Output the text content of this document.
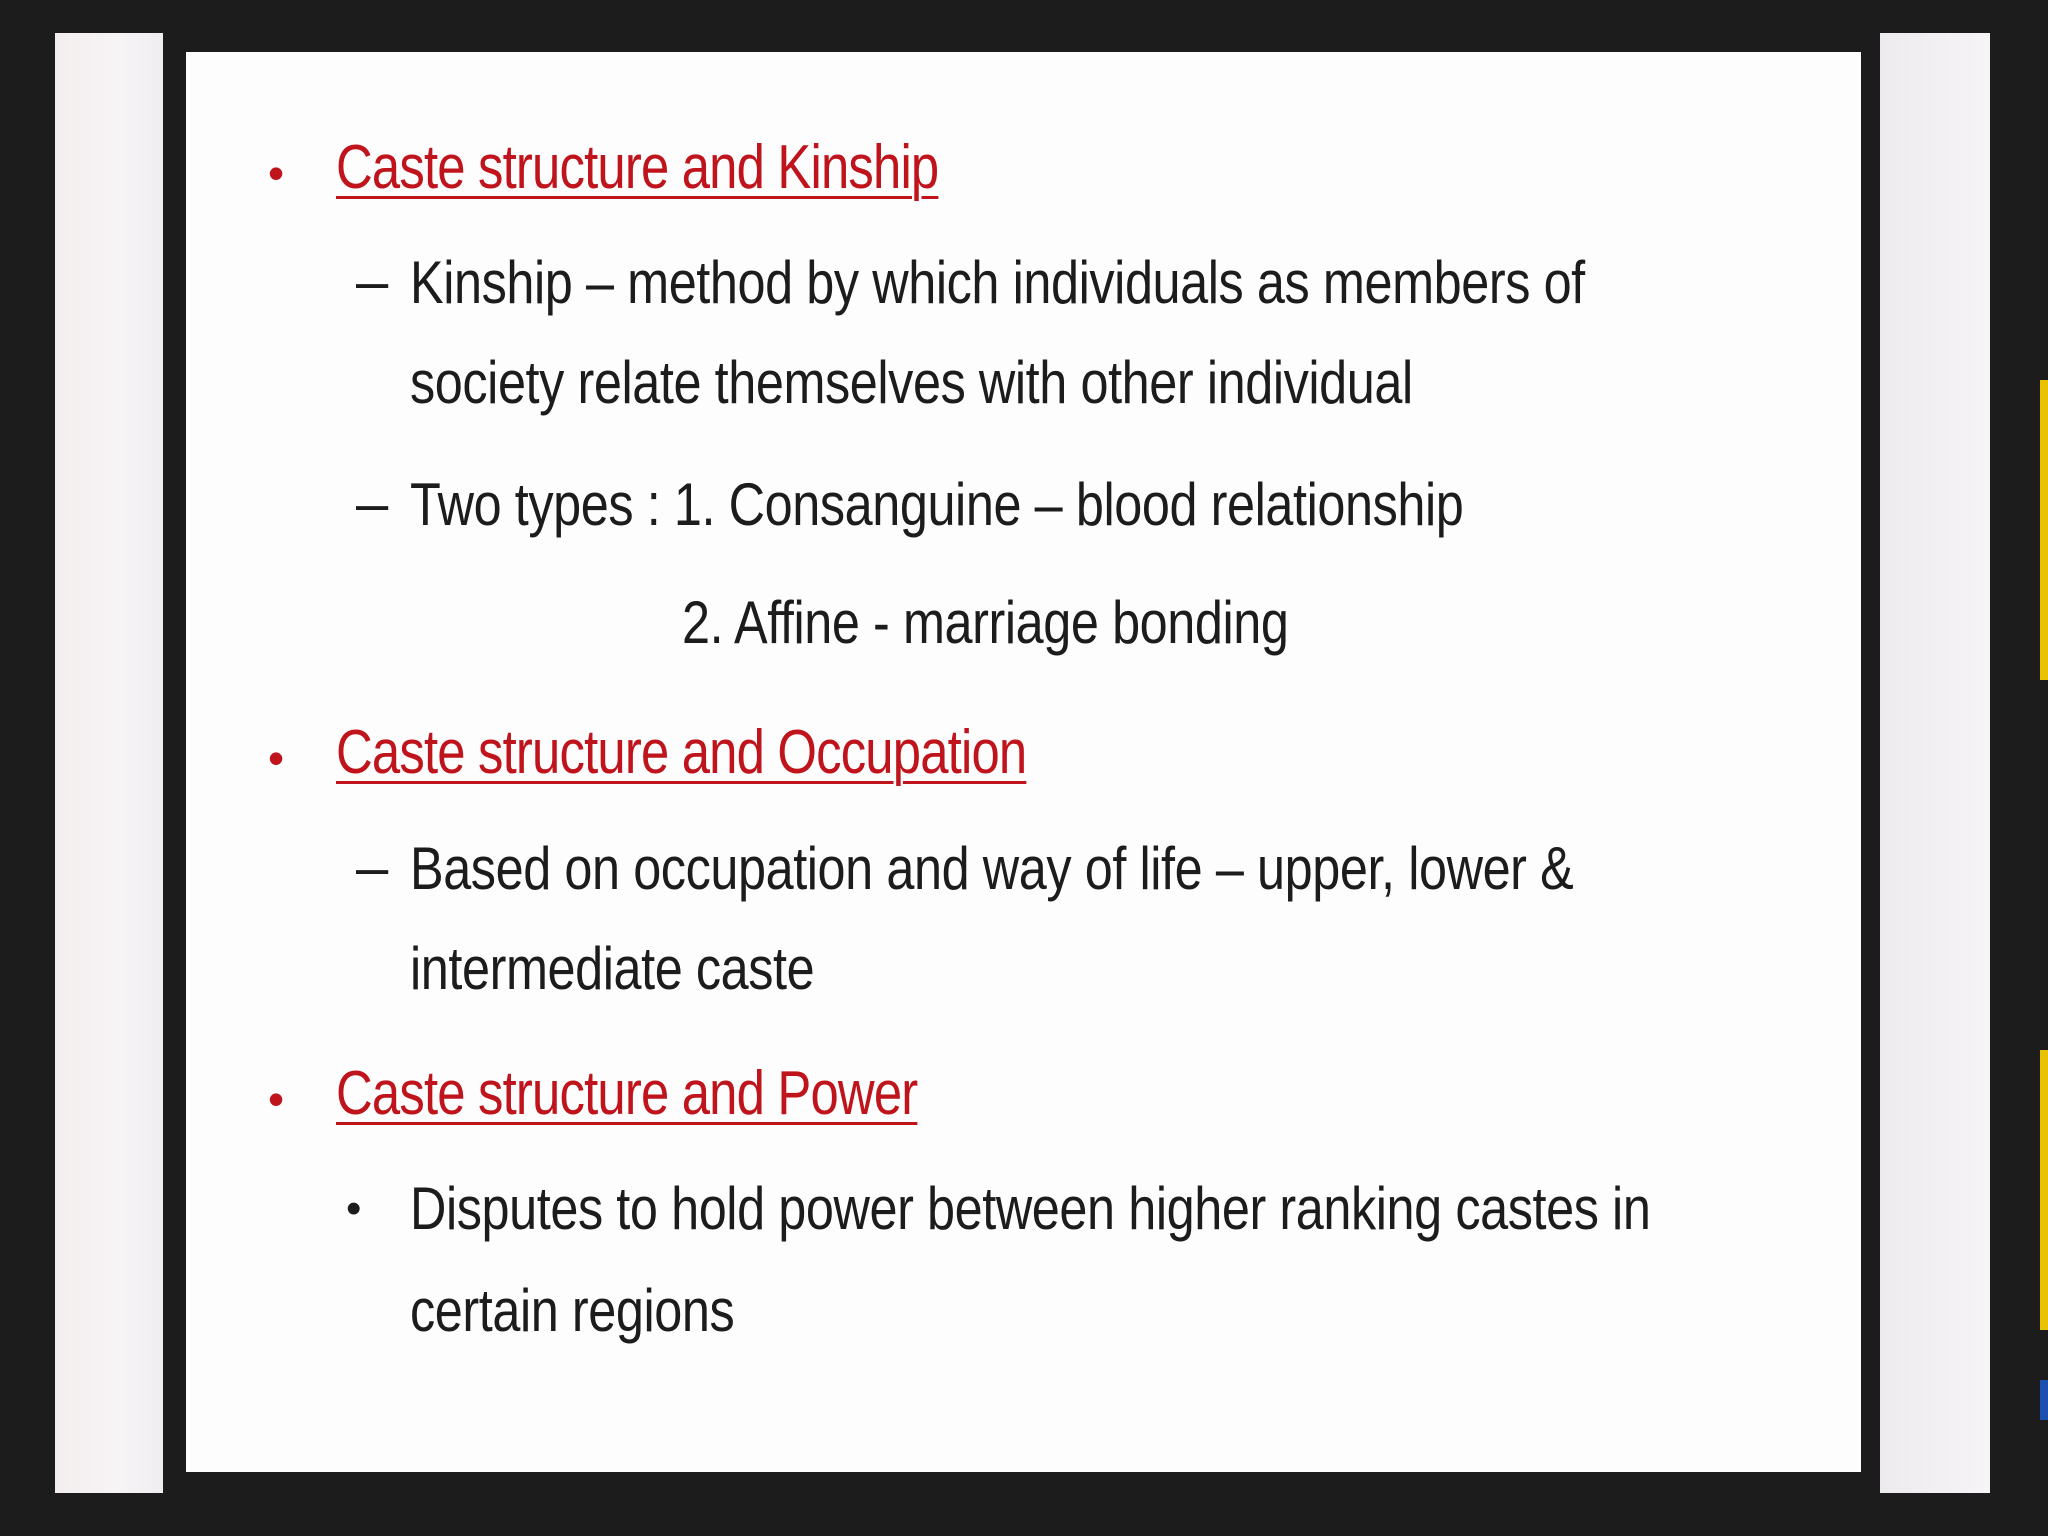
• Caste structure and Kinship
– Kinship – method by which individuals as members of
society relate themselves with other individual
– Two types : 1. Consanguine – blood relationship
2. Affine - marriage bonding
• Caste structure and Occupation
– Based on occupation and way of life – upper, lower &
intermediate caste
• Caste structure and Power
• Disputes to hold power between higher ranking castes in
certain regions
